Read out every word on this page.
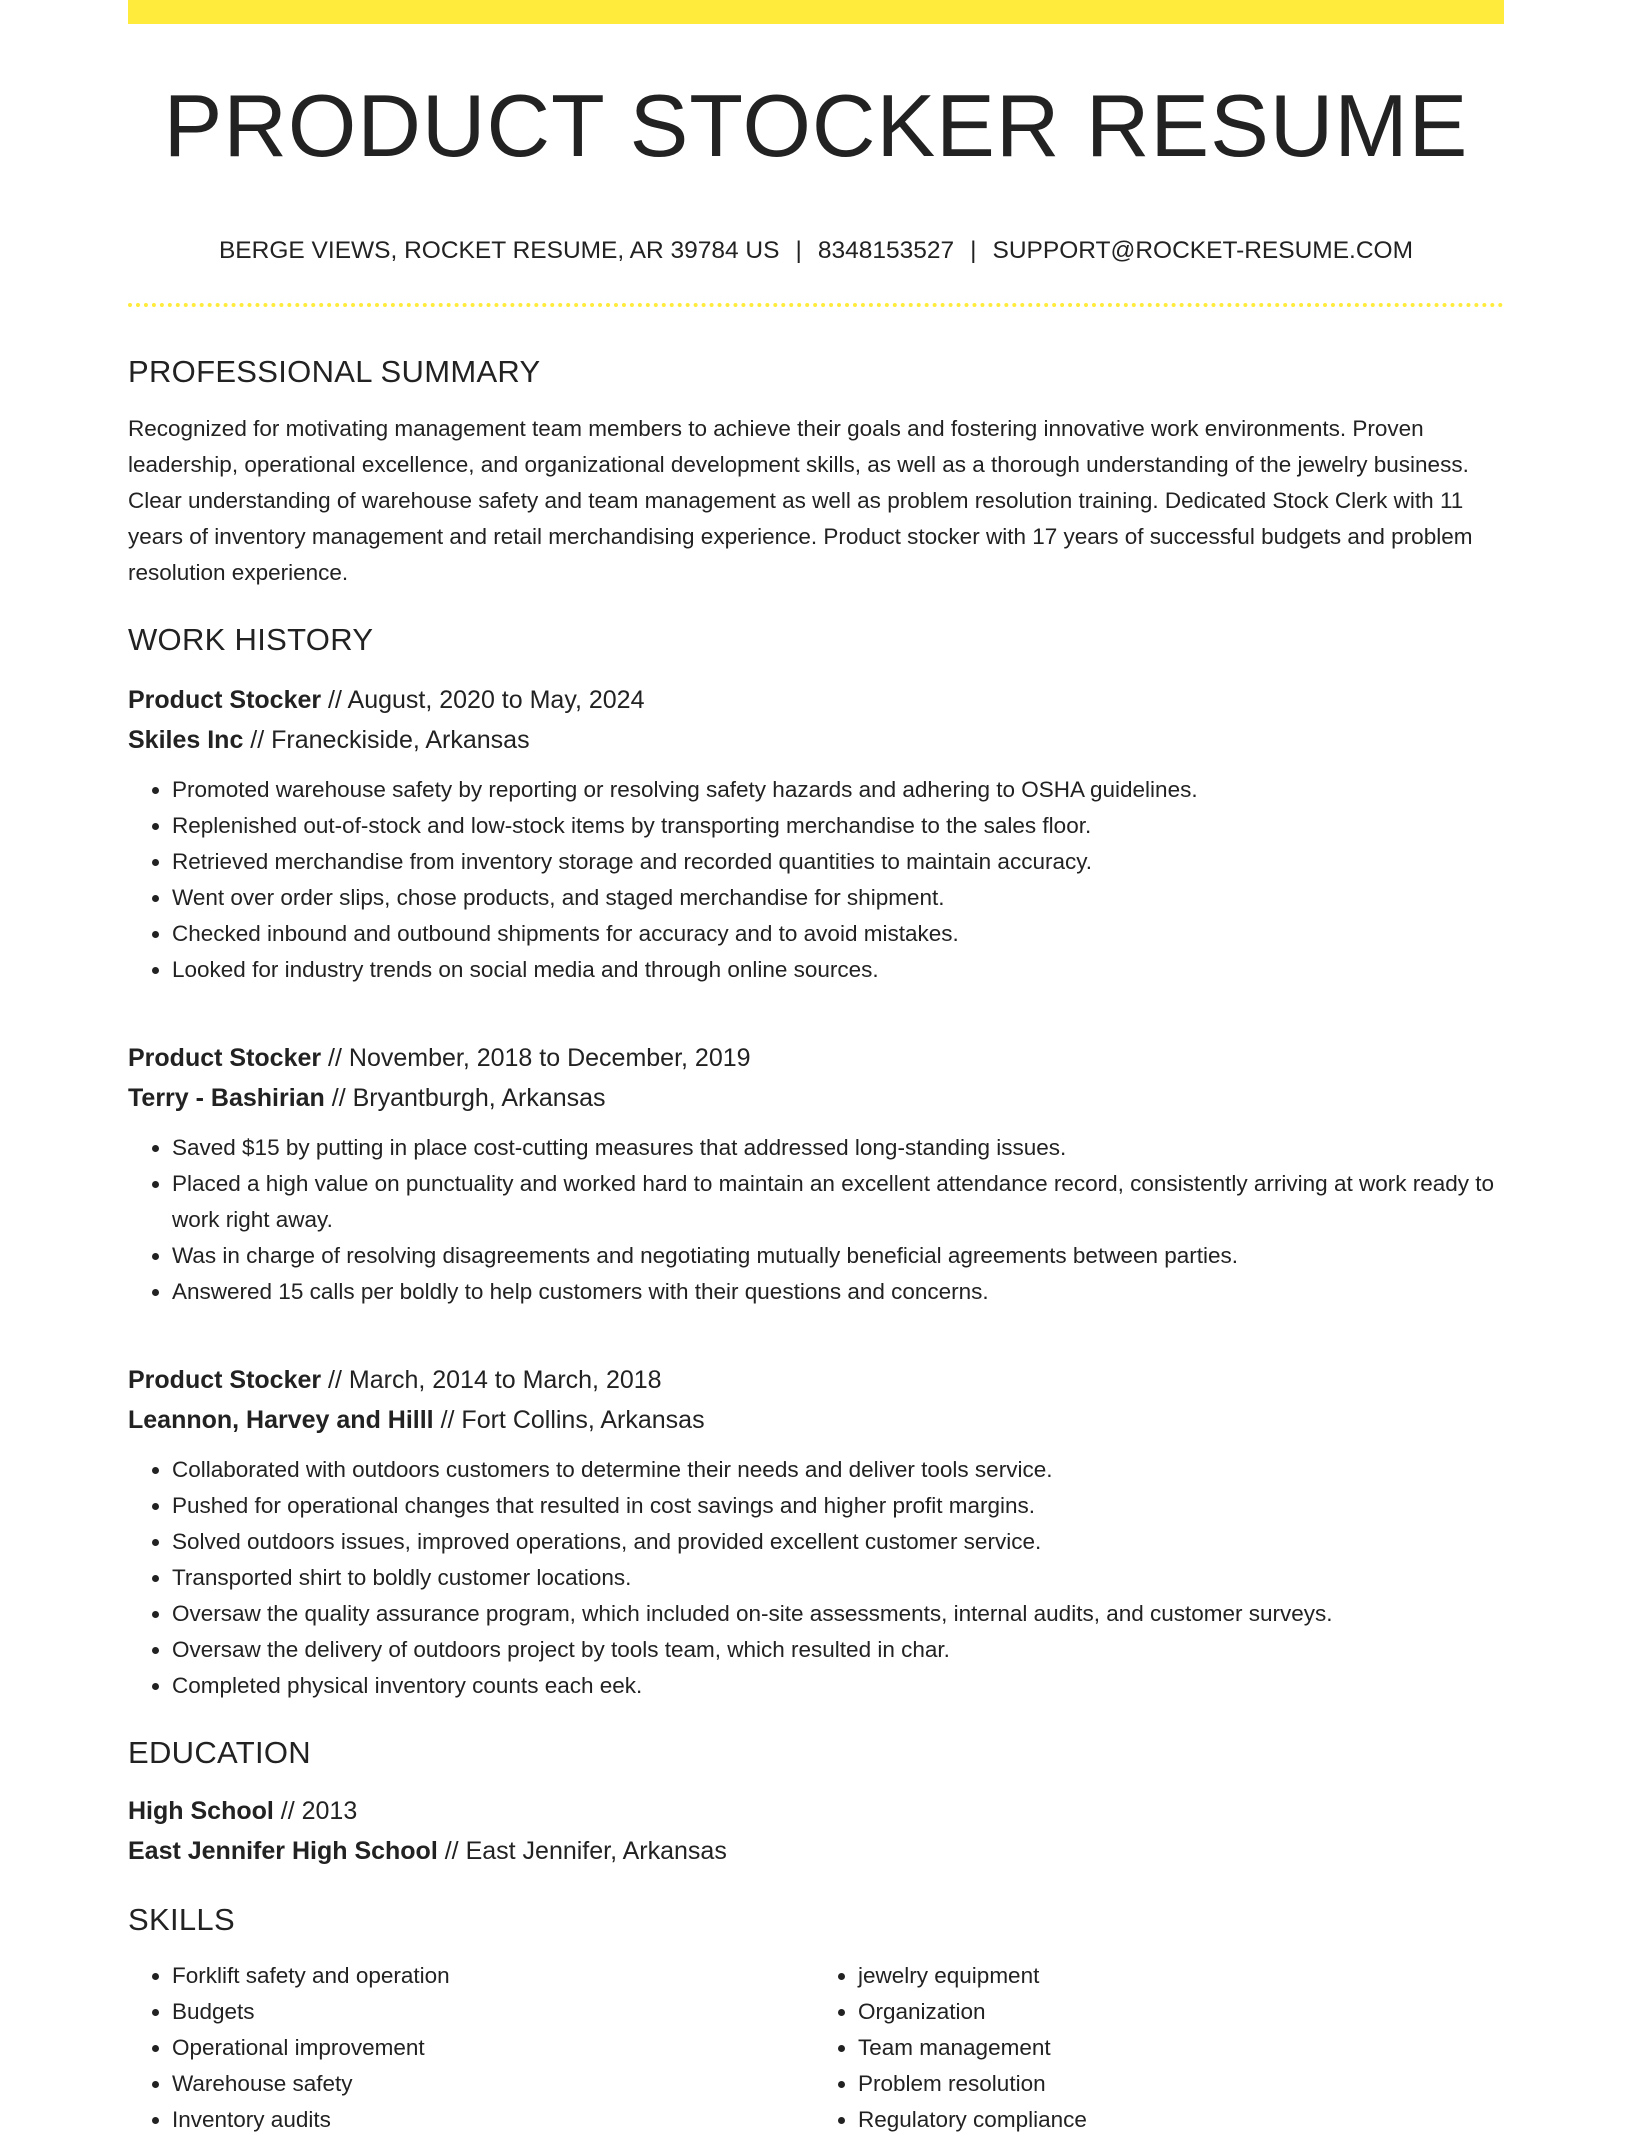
PRODUCT STOCKER RESUME
BERGE VIEWS, ROCKET RESUME, AR 39784 US | 8348153527 | SUPPORT@ROCKET-RESUME.COM
PROFESSIONAL SUMMARY
Recognized for motivating management team members to achieve their goals and fostering innovative work environments. Proven leadership, operational excellence, and organizational development skills, as well as a thorough understanding of the jewelry business. Clear understanding of warehouse safety and team management as well as problem resolution training. Dedicated Stock Clerk with 11 years of inventory management and retail merchandising experience. Product stocker with 17 years of successful budgets and problem resolution experience.
WORK HISTORY
Product Stocker // August, 2020 to May, 2024
Skiles Inc // Franeckiside, Arkansas
• Promoted warehouse safety by reporting or resolving safety hazards and adhering to OSHA guidelines.
• Replenished out-of-stock and low-stock items by transporting merchandise to the sales floor.
• Retrieved merchandise from inventory storage and recorded quantities to maintain accuracy.
• Went over order slips, chose products, and staged merchandise for shipment.
• Checked inbound and outbound shipments for accuracy and to avoid mistakes.
• Looked for industry trends on social media and through online sources.
Product Stocker // November, 2018 to December, 2019
Terry - Bashirian // Bryantburgh, Arkansas
• Saved $15 by putting in place cost-cutting measures that addressed long-standing issues.
• Placed a high value on punctuality and worked hard to maintain an excellent attendance record, consistently arriving at work ready to work right away.
• Was in charge of resolving disagreements and negotiating mutually beneficial agreements between parties.
• Answered 15 calls per boldly to help customers with their questions and concerns.
Product Stocker // March, 2014 to March, 2018
Leannon, Harvey and Hilll // Fort Collins, Arkansas
• Collaborated with outdoors customers to determine their needs and deliver tools service.
• Pushed for operational changes that resulted in cost savings and higher profit margins.
• Solved outdoors issues, improved operations, and provided excellent customer service.
• Transported shirt to boldly customer locations.
• Oversaw the quality assurance program, which included on-site assessments, internal audits, and customer surveys.
• Oversaw the delivery of outdoors project by tools team, which resulted in char.
• Completed physical inventory counts each eek.
EDUCATION
High School // 2013
East Jennifer High School // East Jennifer, Arkansas
SKILLS
• Forklift safety and operation
• Budgets
• Operational improvement
• Warehouse safety
• Inventory audits
• jewelry equipment
• Organization
• Team management
• Problem resolution
• Regulatory compliance
